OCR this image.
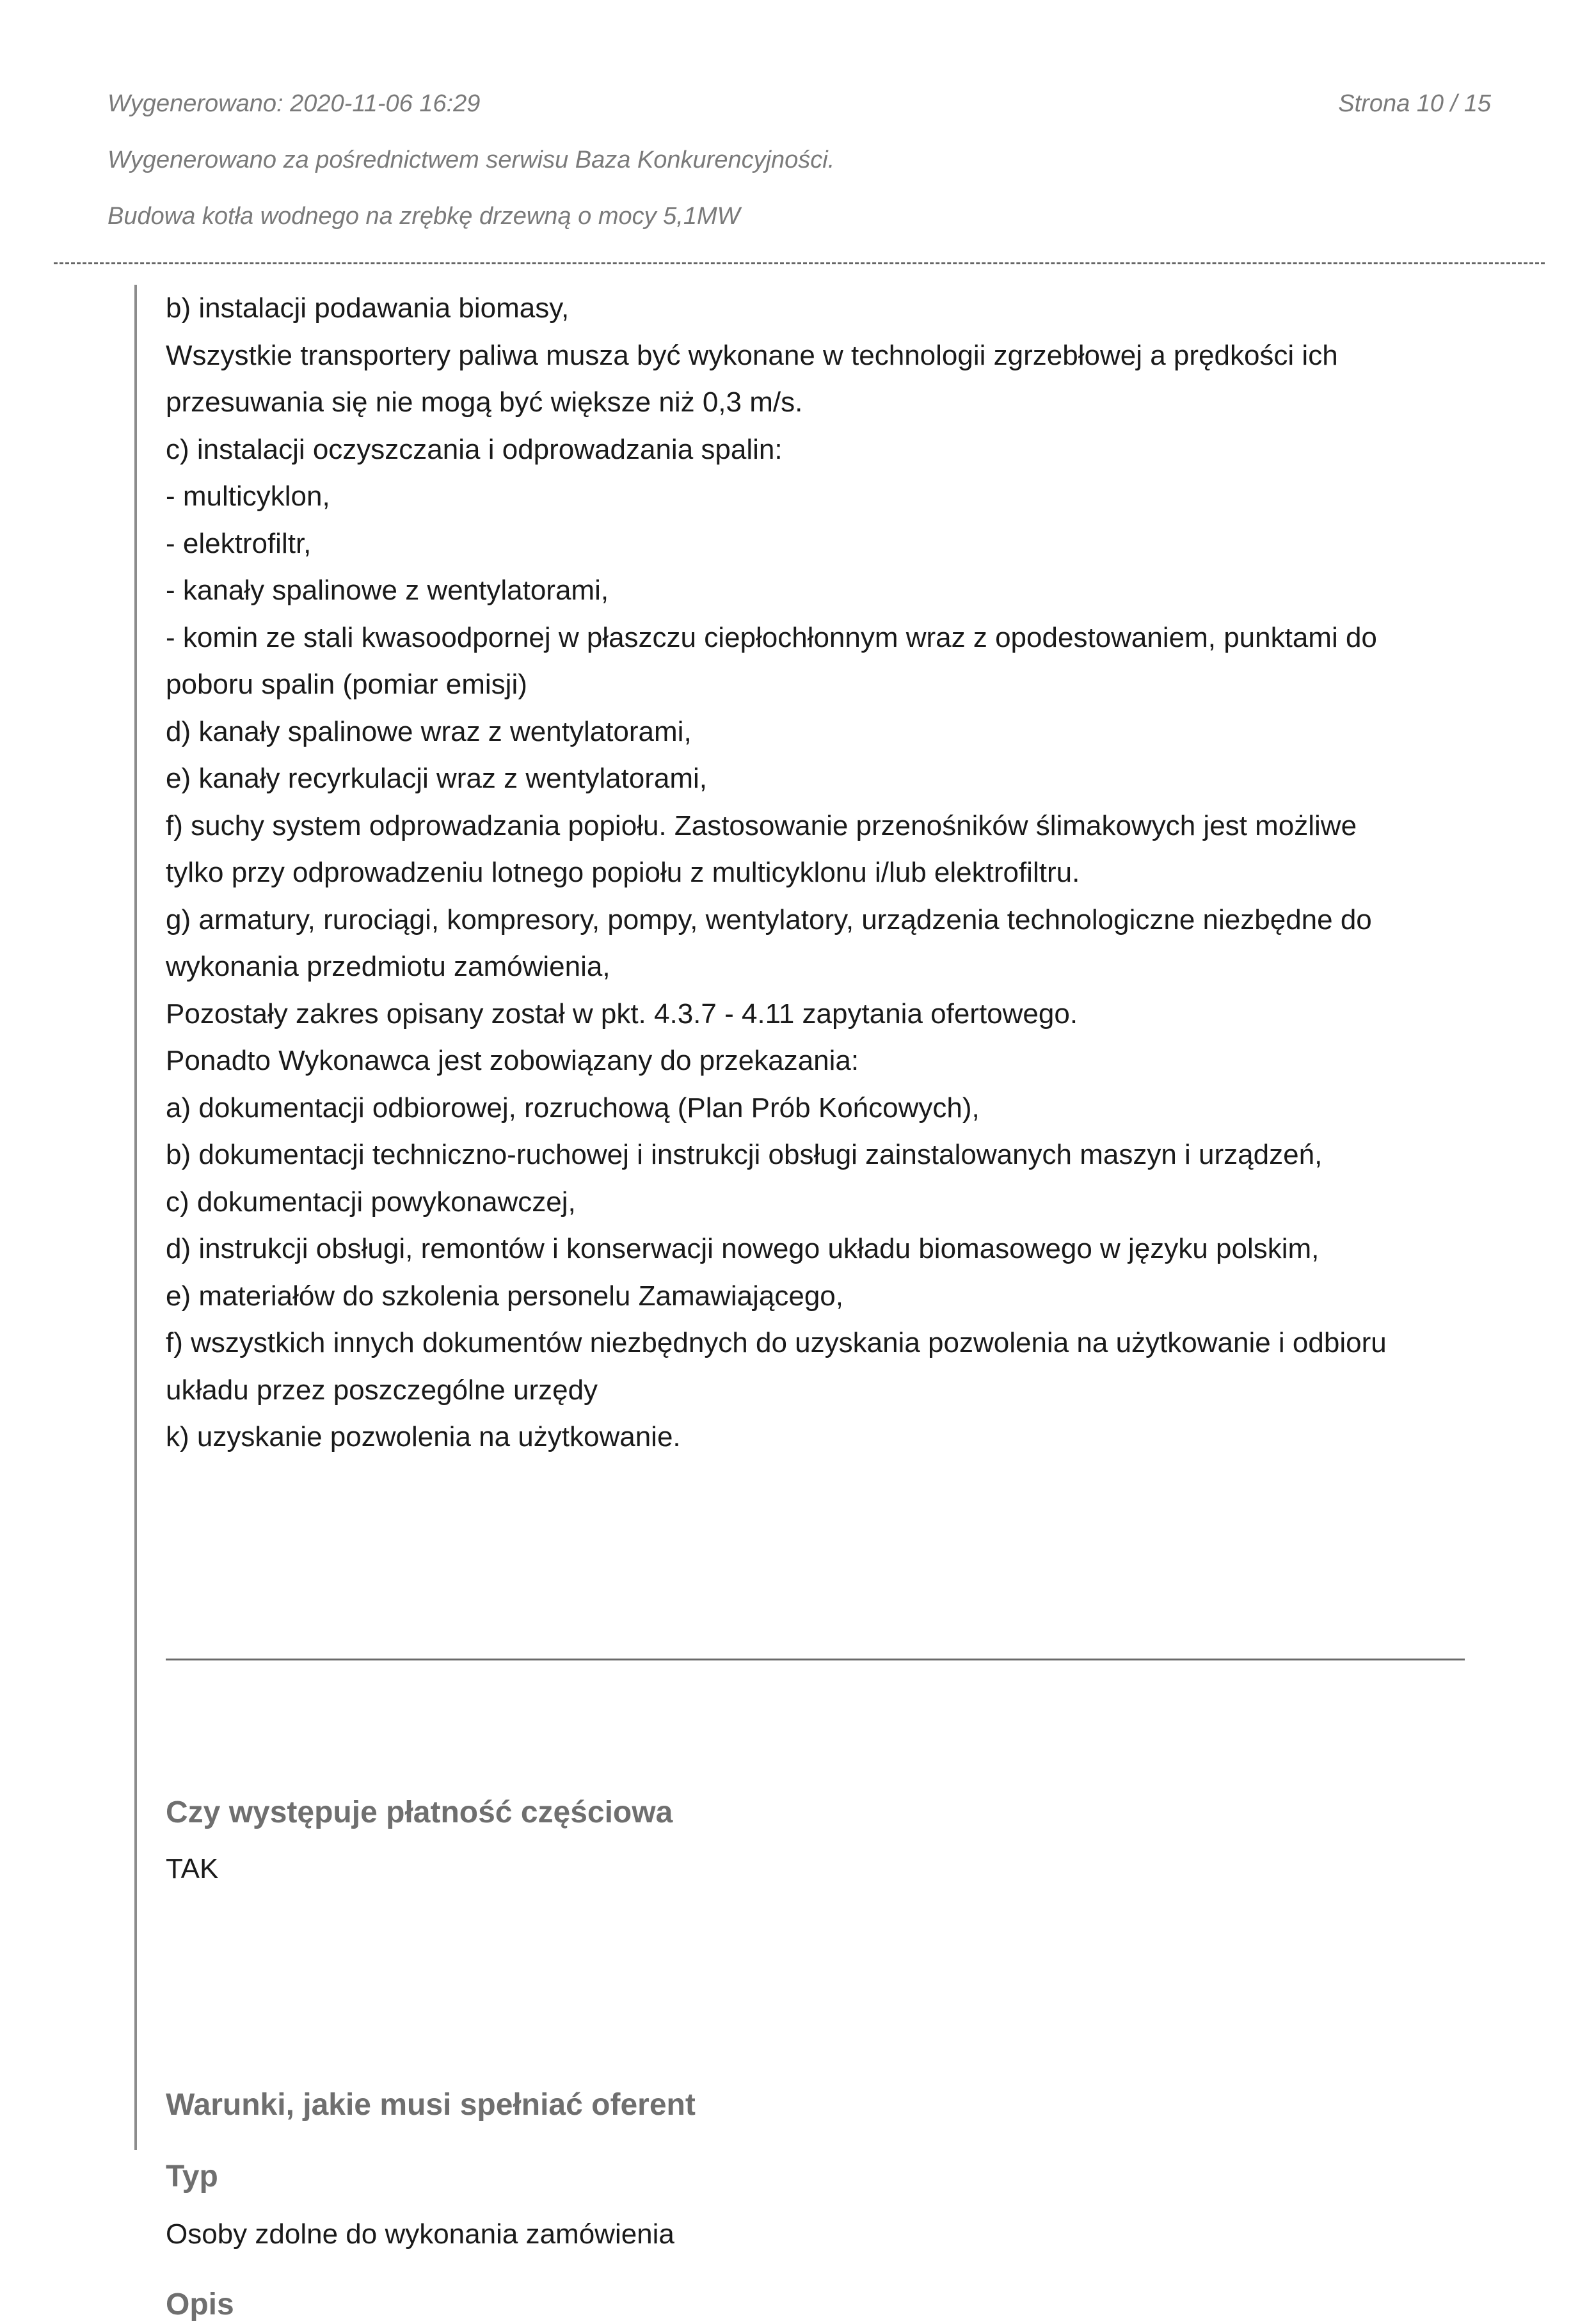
Wygenerowano: 2020-11-06 16:29	Strona 10 / 15
Wygenerowano za pośrednictwem serwisu Baza Konkurencyjności.
Budowa kotła wodnego na zrębkę drzewną o mocy 5,1MW

b) instalacji podawania biomasy,

Wszystkie transportery paliwa musza być wykonane w technologii zgrzebłowej a prędkości ich

przesuwania się nie mogą być większe niż 0,3 m/s.

c) instalacji oczyszczania i odprowadzania spalin:

- multicyklon,

- elektrofiltr,

- kanały spalinowe z wentylatorami,

- komin ze stali kwasoodpornej w płaszczu ciepłochłonnym wraz z opodestowaniem, punktami do

poboru spalin (pomiar emisji)

d) kanały spalinowe wraz z wentylatorami,

e) kanały recyrkulacji wraz z wentylatorami,

f) suchy system odprowadzania popiołu. Zastosowanie przenośników ślimakowych jest możliwe

tylko przy odprowadzeniu lotnego popiołu z multicyklonu i/lub elektrofiltru.

g) armatury, rurociągi, kompresory, pompy, wentylatory, urządzenia technologiczne niezbędne do

wykonania przedmiotu zamówienia,

Pozostały zakres opisany został w pkt. 4.3.7 - 4.11 zapytania ofertowego.

Ponadto Wykonawca jest zobowiązany do przekazania:

a) dokumentacji odbiorowej, rozruchową (Plan Prób Końcowych),

b) dokumentacji techniczno-ruchowej i instrukcji obsługi zainstalowanych maszyn i urządzeń,

c) dokumentacji powykonawczej,

d) instrukcji obsługi, remontów i konserwacji nowego układu biomasowego w języku polskim,

e) materiałów do szkolenia personelu Zamawiającego,

f) wszystkich innych dokumentów niezbędnych do uzyskania pozwolenia na użytkowanie i odbioru

układu przez poszczególne urzędy

k) uzyskanie pozwolenia na użytkowanie.

Czy występuje płatność częściowa
TAK
Warunki, jakie musi spełniać oferent
Typ
Osoby zdolne do wykonania zamówienia
Opis
